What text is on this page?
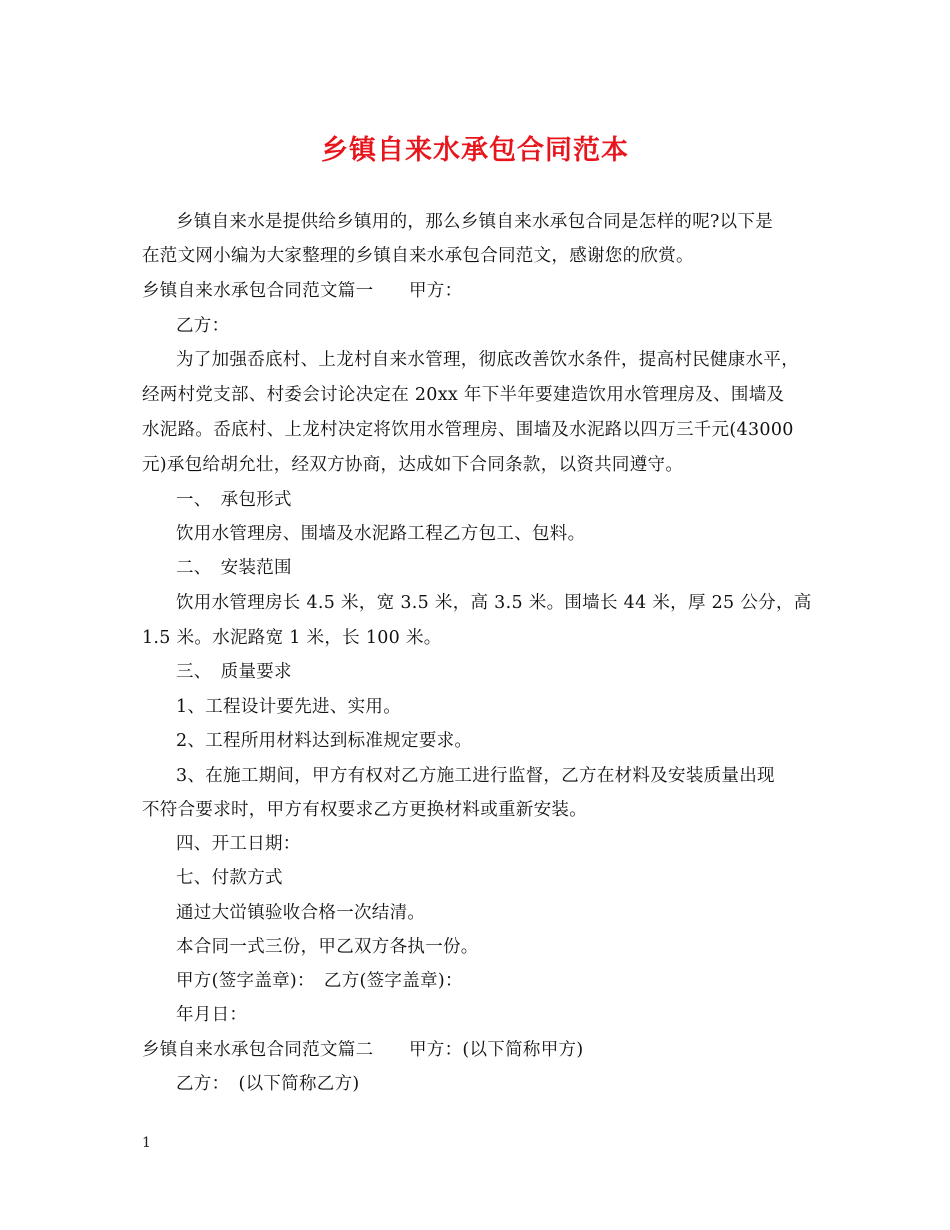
乡镇自来水承包合同范本
乡镇自来水是提供给乡镇用的，那么乡镇自来水承包合同是怎样的呢?以下是
在范文网小编为大家整理的乡镇自来水承包合同范文，感谢您的欣赏。
乡镇自来水承包合同范文篇一　　甲方：
乙方：
为了加强岙底村、上龙村自来水管理，彻底改善饮水条件，提高村民健康水平，
经两村党支部、村委会讨论决定在 20xx 年下半年要建造饮用水管理房及、围墙及
水泥路。岙底村、上龙村决定将饮用水管理房、围墙及水泥路以四万三千元(43000
元)承包给胡允壮，经双方协商，达成如下合同条款，以资共同遵守。
一、　承包形式
饮用水管理房、围墙及水泥路工程乙方包工、包料。
二、　安装范围
饮用水管理房长 4.5 米，宽 3.5 米，高 3.5 米。围墙长 44 米，厚 25 公分，高
1.5 米。水泥路宽 1 米，长 100 米。
三、　质量要求
1、工程设计要先进、实用。
2、工程所用材料达到标准规定要求。
3、在施工期间，甲方有权对乙方施工进行监督，乙方在材料及安装质量出现
不符合要求时，甲方有权要求乙方更换材料或重新安装。
四、开工日期：
七、付款方式
通过大峃镇验收合格一次结清。
本合同一式三份，甲乙双方各执一份。
甲方(签字盖章)：　乙方(签字盖章)：
年月日：
乡镇自来水承包合同范文篇二　　甲方：(以下简称甲方)
乙方：　(以下简称乙方)
1
